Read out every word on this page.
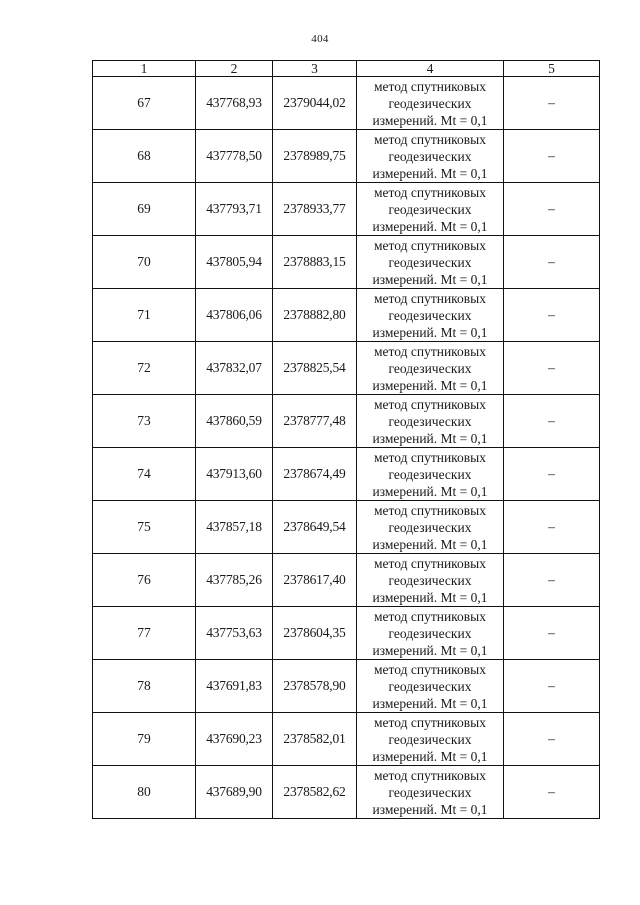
404
1	2	3	4	5
67	437768,93	2379044,02	метод спутниковых
геодезических
измерений. Mt = 0,1	–
68	437778,50	2378989,75	метод спутниковых
геодезических
измерений. Mt = 0,1	–
69	437793,71	2378933,77	метод спутниковых
геодезических
измерений. Mt = 0,1	–
70	437805,94	2378883,15	метод спутниковых
геодезических
измерений. Mt = 0,1	–
71	437806,06	2378882,80	метод спутниковых
геодезических
измерений. Mt = 0,1	–
72	437832,07	2378825,54	метод спутниковых
геодезических
измерений. Mt = 0,1	–
73	437860,59	2378777,48	метод спутниковых
геодезических
измерений. Mt = 0,1	–
74	437913,60	2378674,49	метод спутниковых
геодезических
измерений. Mt = 0,1	–
75	437857,18	2378649,54	метод спутниковых
геодезических
измерений. Mt = 0,1	–
76	437785,26	2378617,40	метод спутниковых
геодезических
измерений. Mt = 0,1	–
77	437753,63	2378604,35	метод спутниковых
геодезических
измерений. Mt = 0,1	–
78	437691,83	2378578,90	метод спутниковых
геодезических
измерений. Mt = 0,1	–
79	437690,23	2378582,01	метод спутниковых
геодезических
измерений. Mt = 0,1	–
80	437689,90	2378582,62	метод спутниковых
геодезических
измерений. Mt = 0,1	–
